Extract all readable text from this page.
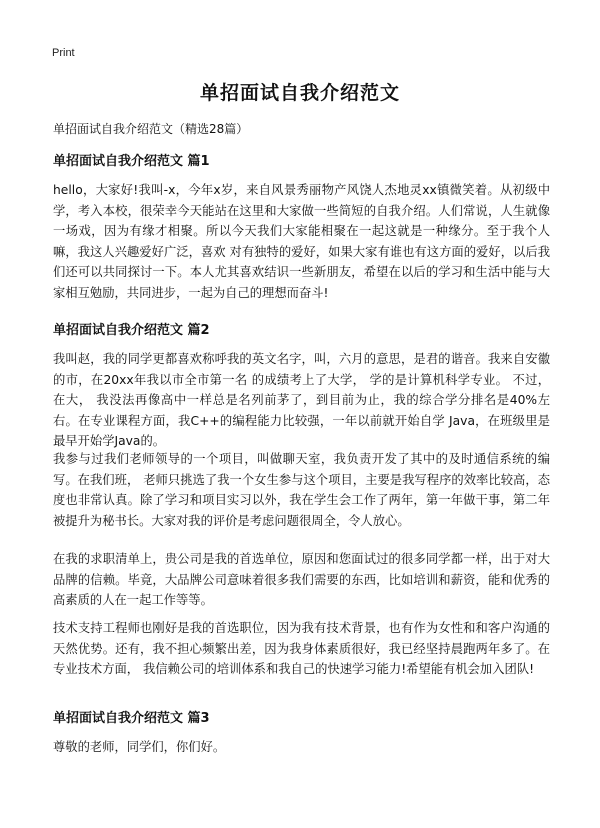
Print
单招面试自我介绍范文
单招面试自我介绍范文（精选28篇）
单招面试自我介绍范文 篇1
hello，大家好!我叫-x，今年x岁，来自风景秀丽物产风饶人杰地灵xx镇微笑着。从初级中学，考入本校，很荣幸今天能站在这里和大家做一些简短的自我介绍。人们常说，人生就像一场戏，因为有缘才相聚。所以今天我们大家能相聚在一起这就是一种缘分。至于我个人嘛，我这人兴趣爱好广泛，喜欢 对有独特的爱好，如果大家有谁也有这方面的爱好，以后我们还可以共同探讨一下。本人尤其喜欢结识一些新朋友，希望在以后的学习和生活中能与大家相互勉励，共同进步，一起为自己的理想而奋斗!
单招面试自我介绍范文 篇2
我叫赵，我的同学更都喜欢称呼我的英文名字，叫，六月的意思，是君的谐音。我来自安徽的市，在20xx年我以市全市第一名 的成绩考上了大学， 学的是计算机科学专业。 不过， 在大， 我没法再像高中一样总是名列前茅了，到目前为止，我的综合学分排名是40%左右。在专业课程方面，我C++的编程能力比较强，一年以前就开始自学 Java，在班级里是最早开始学Java的。
我参与过我们老师领导的一个项目，叫做聊天室，我负责开发了其中的及时通信系统的编写。在我们班， 老师只挑选了我一个女生参与这个项目，主要是我写程序的效率比较高，态度也非常认真。除了学习和项目实习以外，我在学生会工作了两年，第一年做干事，第二年被提升为秘书长。大家对我的评价是考虑问题很周全，令人放心。
在我的求职清单上，贵公司是我的首选单位，原因和您面试过的很多同学都一样，出于对大品牌的信赖。毕竟，大品牌公司意味着很多我们需要的东西，比如培训和薪资，能和优秀的高素质的人在一起工作等等。
技术支持工程师也刚好是我的首选职位，因为我有技术背景，也有作为女性和和客户沟通的天然优势。还有，我不担心频繁出差，因为我身体素质很好，我已经坚持晨跑两年多了。在专业技术方面， 我信赖公司的培训体系和我自己的快速学习能力!希望能有机会加入团队!
单招面试自我介绍范文 篇3
尊敬的老师，同学们，你们好。
